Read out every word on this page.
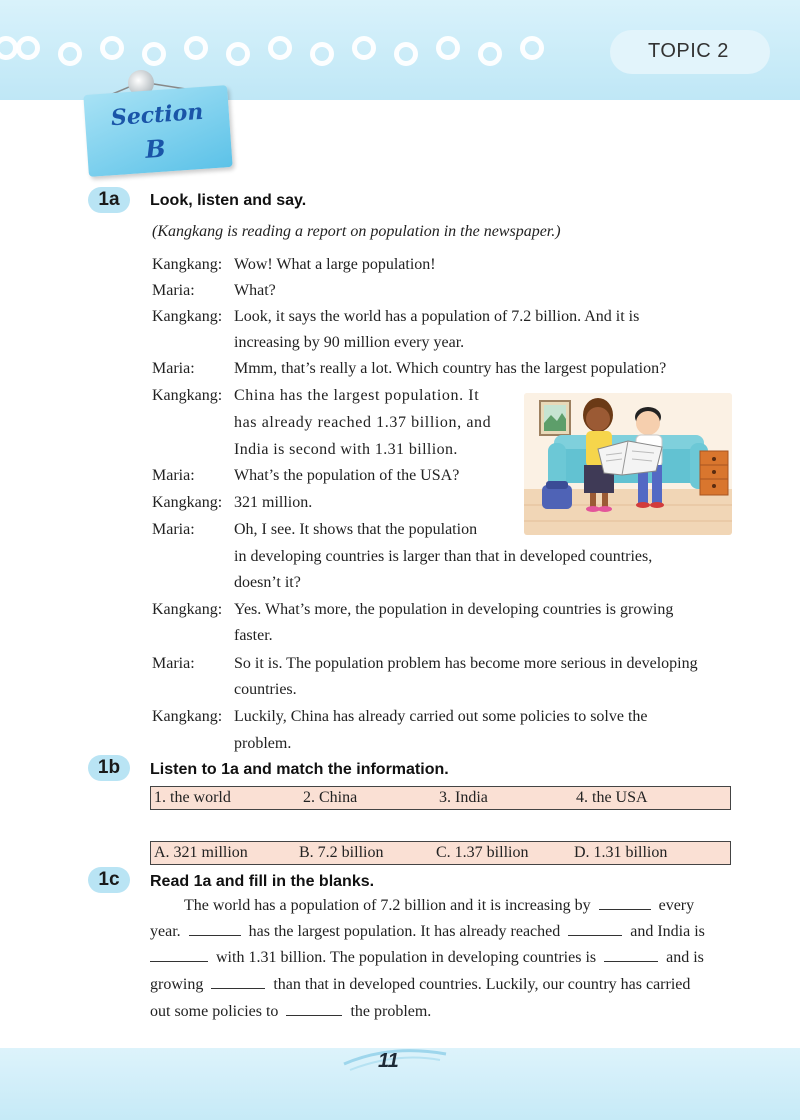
TOPIC 2
Section
B
1a	Look, listen and say.
(Kangkang is reading a report on population in the newspaper.)
Kangkang: Wow! What a large population!
Maria: What?
Kangkang: Look, it says the world has a population of 7.2 billion. And it is
increasing by 90 million every year.
Maria: Mmm, that’s really a lot. Which country has the largest population?
Kangkang: China has the largest population. It
has already reached 1.37 billion, and
India is second with 1.31 billion.
Maria: What’s the population of the USA?
Kangkang: 321 million.
Maria: Oh, I see. It shows that the population
in developing countries is larger than that in developed countries,
doesn’t it?
Kangkang: Yes. What’s more, the population in developing countries is growing
faster.
Maria: So it is. The population problem has become more serious in developing
countries.
Kangkang: Luckily, China has already carried out some policies to solve the
problem.
1b	Listen to 1a and match the information.
1. the world	2. China	3. India	4. the USA
A. 321 million	B. 7.2 billion	C. 1.37 billion	D. 1.31 billion
1c	Read 1a and fill in the blanks.
The world has a population of 7.2 billion and it is increasing by	every
year.	has the largest population. It has already reached	and India is
with 1.31 billion. The population in developing countries is	and is
growing	than that in developed countries. Luckily, our country has carried
out some policies to	the problem.
11
